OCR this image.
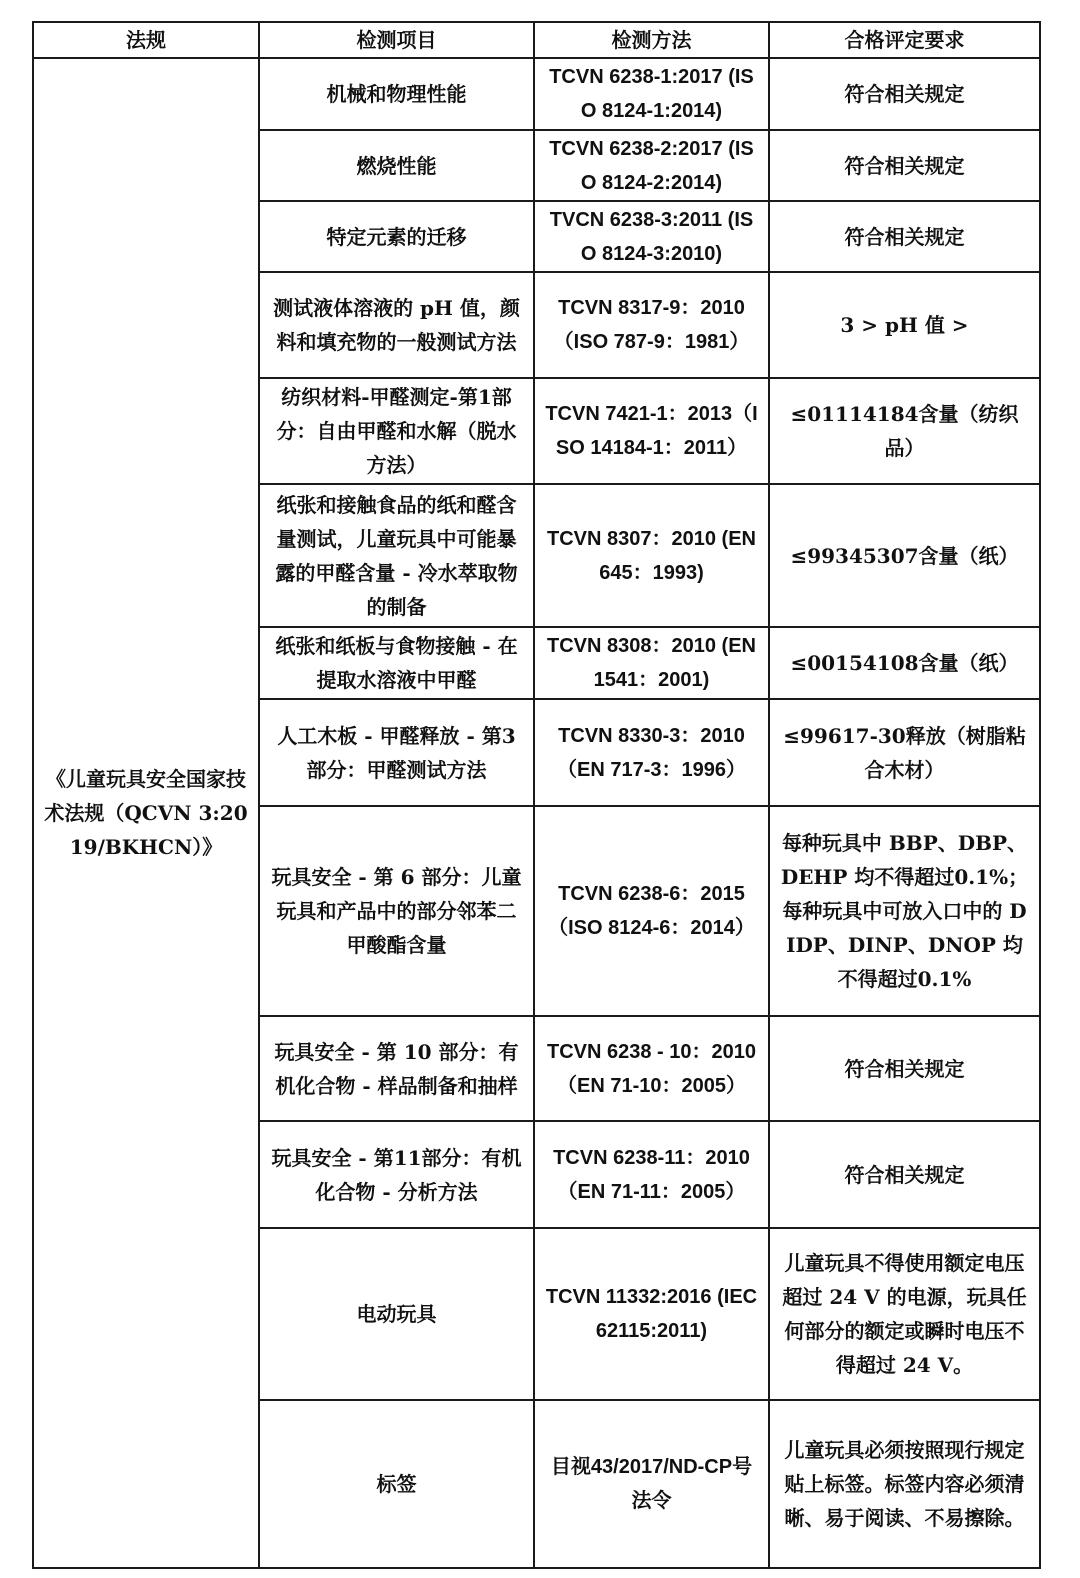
法规	检测项目	检测方法	合格评定要求
《儿童玩具安全国家技术法规（QCVN 3:2019/BKHCN）》	机械和物理性能	TCVN 6238-1:2017 (ISO 8124-1:2014)	符合相关规定
	燃烧性能	TCVN 6238-2:2017 (ISO 8124-2:2014)	符合相关规定
	特定元素的迁移	TVCN 6238-3:2011 (ISO 8124-3:2010)	符合相关规定
	测试液体溶液的 pH 值，颜料和填充物的一般测试方法	TCVN 8317-9：2010 （ISO 787-9：1981）	3 > pH 值 >
	纺织材料-甲醛测定-第1部分：自由甲醛和水解（脱水方法）	TCVN 7421-1：2013（ISO 14184-1：2011）	≤01114184含量（纺织品）
	纸张和接触食品的纸和醛含量测试，儿童玩具中可能暴露的甲醛含量 - 冷水萃取物的制备	TCVN 8307：2010 (EN 645：1993)	≤99345307含量（纸）
	纸张和纸板与食物接触 - 在提取水溶液中甲醛	TCVN 8308：2010 (EN 1541：2001)	≤00154108含量（纸）
	人工木板 - 甲醛释放 - 第3部分：甲醛测试方法	TCVN 8330-3：2010（EN 717-3：1996）	≤99617-30释放（树脂粘合木材）
	玩具安全 - 第 6 部分：儿童玩具和产品中的部分邻苯二甲酸酯含量	TCVN 6238-6：2015 （ISO 8124-6：2014）	每种玩具中 BBP、DBP、DEHP 均不得超过0.1%；每种玩具中可放入口中的 DIDP、DINP、DNOP 均不得超过0.1%
	玩具安全 - 第 10 部分：有机化合物 - 样品制备和抽样	TCVN 6238 - 10：2010 （EN 71-10：2005）	符合相关规定
	玩具安全 - 第11部分：有机化合物 - 分析方法	TCVN 6238-11：2010（EN 71-11：2005）	符合相关规定
	电动玩具	TCVN 11332:2016 (IEC 62115:2011)	儿童玩具不得使用额定电压超过 24 V 的电源，玩具任何部分的额定或瞬时电压不得超过 24 V。
	标签	目视43/2017/ND-CP号法令	儿童玩具必须按照现行规定贴上标签。标签内容必须清晰、易于阅读、不易擦除。
